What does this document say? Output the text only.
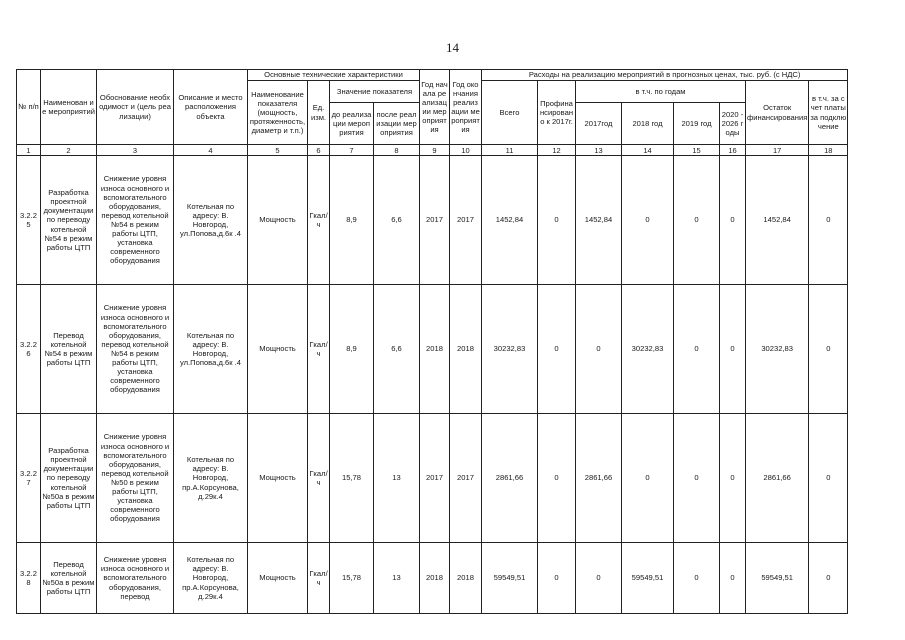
14
№ п/п	Наименован ие мероприятий	Обоснование необходимост и (цель реализации)	Описание и место расположения объекта	Основные технические характеристики				Год начала реализации мероприятия	Год окончания реализации мероприятия	Расходы на реализацию мероприятий в прогнозных ценах, тыс. руб. (с НДС)							
				Наименование показателя (мощность, протяженность, диаметр и т.п.)	Ед. изм.	Значение показателя				Всего	Профинансировано к 2017г.	в т.ч. по годам				Остаток финансирования	в т.ч. за счет платы за подключение
						до реализации мероприятия	после реализации мероприятия					2017год	2018 год	2019 год	2020 - 2026 годы		
1	2	3	4	5	6	7	8	9	10	11	12	13	14	15	16	17	18
3.2.2 5	Разработка проектной документации по переводу котельной №54 в режим работы ЦТП	Снижение уровня износа основного и вспомогательного оборудования, перевод котельной №54 в режим работы ЦТП, установка современного оборудования	Котельная по адресу: В. Новгород, ул.Попова,д.6к .4	Мощность	Гкал/ч	8,9	6,6	2017	2017	1452,84	0	1452,84	0	0	0	1452,84	0
3.2.2 6	Перевод котельной №54 в режим работы ЦТП	Снижение уровня износа основного и вспомогательного оборудования, перевод котельной №54 в режим работы ЦТП, установка современного оборудования	Котельная по адресу: В. Новгород, ул.Попова,д.6к .4	Мощность	Гкал/ч	8,9	6,6	2018	2018	30232,83	0	0	30232,83	0	0	30232,83	0
3.2.2 7	Разработка проектной документации по переводу котельной №50а в режим работы ЦТП	Снижение уровня износа основного и вспомогательного оборудования, перевод котельной №50 в режим работы ЦТП, установка современного оборудования	Котельная по адресу: В. Новгород, пр.А.Корсунова, д.29к.4	Мощность	Гкал/ч	15,78	13	2017	2017	2861,66	0	2861,66	0	0	0	2861,66	0
3.2.2 8	Перевод котельной №50а в режим работы ЦТП	Снижение уровня износа основного и вспомогательного оборудования, перевод	Котельная по адресу: В. Новгород, пр.А.Корсунова, д.29к.4	Мощность	Гкал/ч	15,78	13	2018	2018	59549,51	0	0	59549,51	0	0	59549,51	0
